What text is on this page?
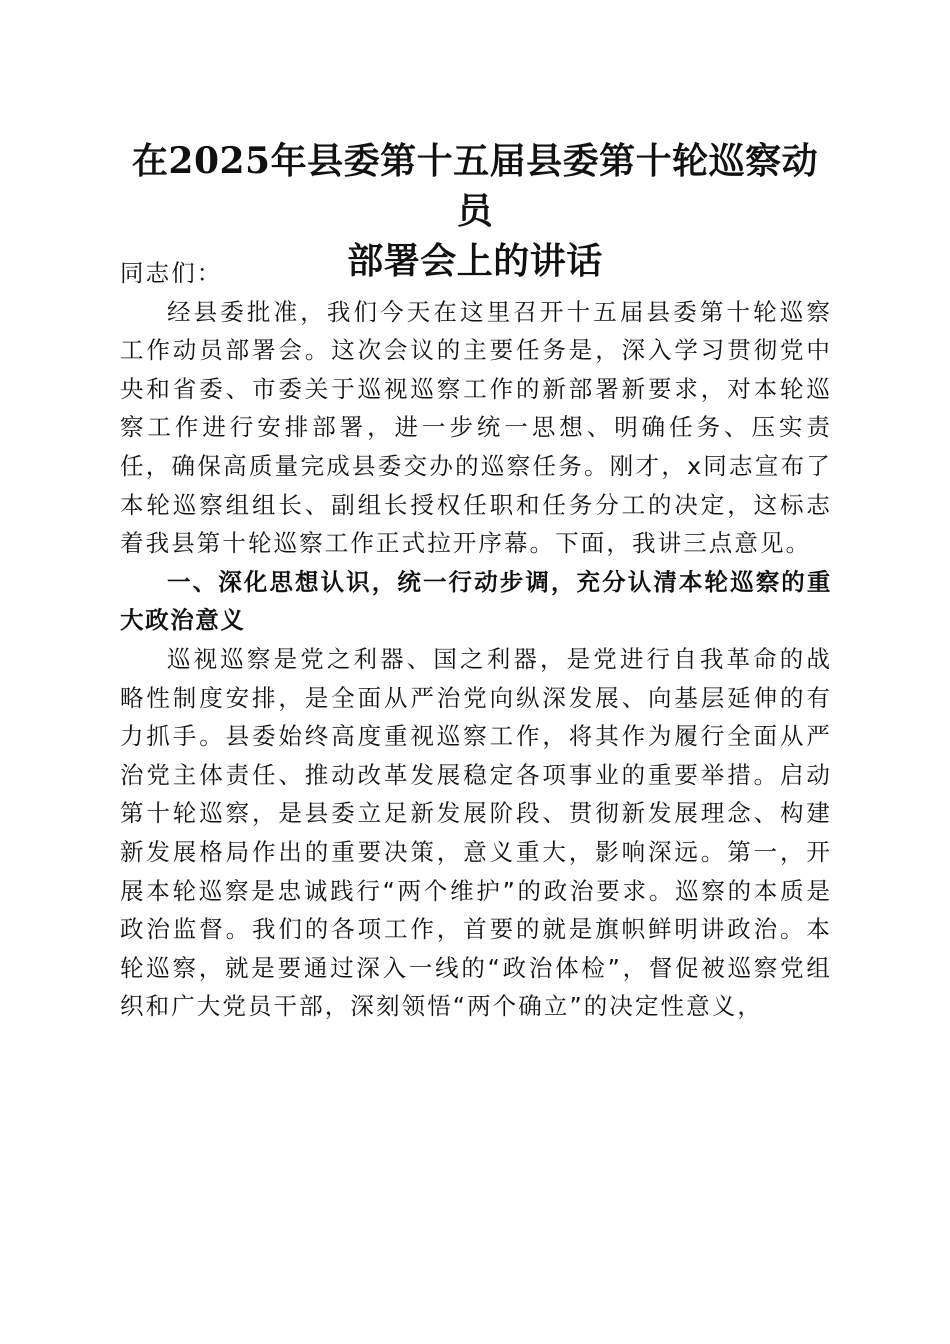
在2025年县委第十五届县委第十轮巡察动员
部署会上的讲话

同志们：

经县委批准，我们今天在这里召开十五届县委第十轮巡察工作动员部署会。这次会议的主要任务是，深入学习贯彻党中央和省委、市委关于巡视巡察工作的新部署新要求，对本轮巡察工作进行安排部署，进一步统一思想、明确任务、压实责任，确保高质量完成县委交办的巡察任务。刚才，x同志宣布了本轮巡察组组长、副组长授权任职和任务分工的决定，这标志着我县第十轮巡察工作正式拉开序幕。下面，我讲三点意见。

一、深化思想认识，统一行动步调，充分认清本轮巡察的重大政治意义

巡视巡察是党之利器、国之利器，是党进行自我革命的战略性制度安排，是全面从严治党向纵深发展、向基层延伸的有力抓手。县委始终高度重视巡察工作，将其作为履行全面从严治党主体责任、推动改革发展稳定各项事业的重要举措。启动第十轮巡察，是县委立足新发展阶段、贯彻新发展理念、构建新发展格局作出的重要决策，意义重大，影响深远。第一，开展本轮巡察是忠诚践行“两个维护”的政治要求。巡察的本质是政治监督。我们的各项工作，首要的就是旗帜鲜明讲政治。本轮巡察，就是要通过深入一线的“政治体检”，督促被巡察党组织和广大党员干部，深刻领悟“两个确立”的决定性意义，
